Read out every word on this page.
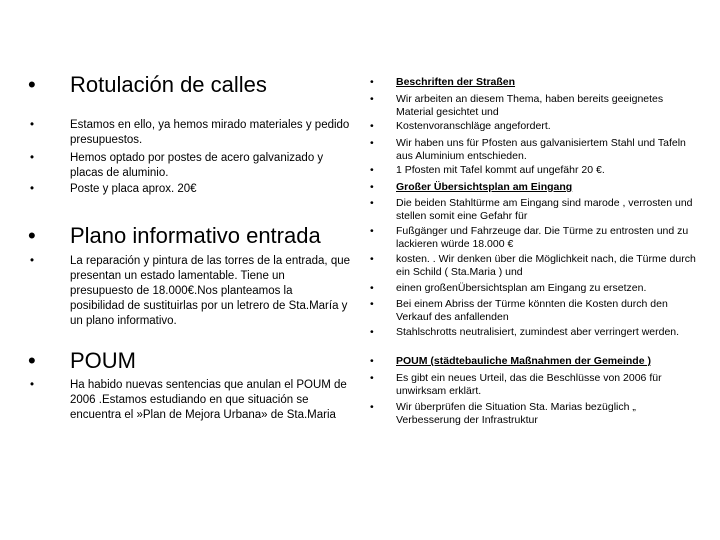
• Rotulación de calles
•	Estamos en ello, ya hemos mirado materiales y pedido presupuestos.
•	Hemos optado por postes de acero galvanizado y placas de aluminio.
•	Poste y placa aprox. 20€
• Plano informativo entrada
•	La reparación y pintura de las torres de la entrada, que presentan un estado lamentable. Tiene un presupuesto de 18.000€.Nos planteamos la posibilidad de sustituirlas por un letrero de Sta.María y un plano informativo.
• POUM
•	Ha habido nuevas sentencias que anulan el POUM de 2006 .Estamos estudiando en que situación se encuentra el »Plan de Mejora Urbana» de Sta.Maria
• Beschriften der Straßen
• Wir arbeiten an diesem Thema, haben bereits geeignetes Material gesichtet und
• Kostenvoranschläge angefordert.
• Wir haben uns für Pfosten aus galvanisiertem Stahl und Tafeln aus Aluminium entschieden.
• 1 Pfosten mit Tafel kommt auf ungefähr 20 €.
• Großer Übersichtsplan am Eingang
• Die beiden Stahltürme am Eingang sind marode , verrosten und stellen somit eine Gefahr für
• Fußgänger und Fahrzeuge dar. Die Türme zu entrosten und zu lackieren würde 18.000 €
• kosten. . Wir denken über die Möglichkeit nach, die Türme durch ein Schild ( Sta.Maria ) und
• einen großenÜbersichtsplan am Eingang zu ersetzen.
• Bei einem Abriss der Türme könnten die Kosten durch den Verkauf des anfallenden
• Stahlschrotts neutralisiert, zumindest aber verringert werden.
• POUM (städtebauliche Maßnahmen der Gemeinde )
• Es gibt ein neues Urteil, das die Beschlüsse von 2006 für unwirksam erklärt.
• Wir überprüfen die Situation Sta. Marias bezüglich „ Verbesserung der Infrastruktur
